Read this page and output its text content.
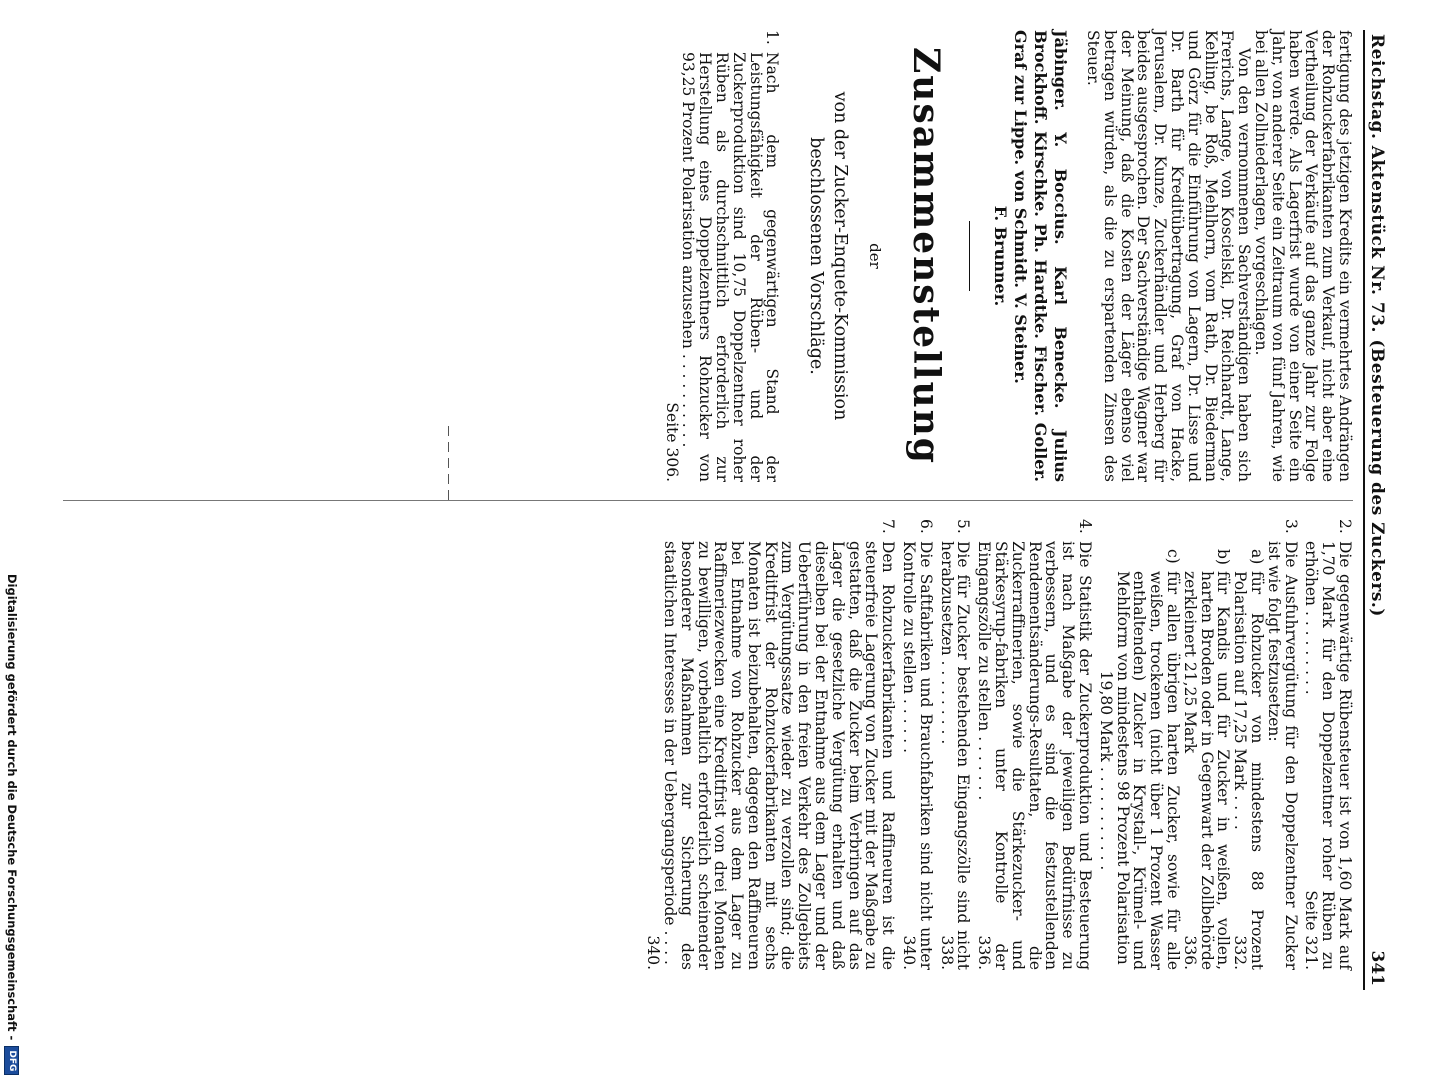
Digitalisierung gefördert durch die Deutsche Forschungsgemeinschaft -
DFG
Reichstag. Aktenstück Nr. 73. (Besteuerung des Zuckers.)
341

fertigung des jetzigen Kredits ein vermehrtes Andrängen der Rohzuckerfabrikanten zum Verkauf, nicht aber eine Vertheilung der Verkäufe auf das ganze Jahr zur Folge haben werde. Als Lagerfrist wurde von einer Seite ein Jahr, von anderer Seite ein Zeitraum von fünf Jahren, wie bei allen Zollniederlagen, vorgeschlagen.

Von den vernommenen Sachverständigen haben sich Frerichs, Lange, von Koscielski, Dr. Reichhardt, Lange, Kehling, be Roß, Mehlhorn, vom Rath, Dr. Biederman und Görz für die Einführung von Lagern, Dr. Lisse und Dr. Barth für Kreditübertragung, Graf von Hacke, Jerusalem, Dr. Kunze, Zuckerhändler und Herberg für beides ausgesprochen. Der Sachverständige Wagner war der Meinung, daß die Kosten der Läger ebenso viel betragen würden, als die zu erspartenden Zinsen des Steuer.

Jäbinger. Y. Boccius. Karl Benecke. Julius Brockhoff. Kirschke. Ph. Hardtke. Fischer. Goller. Graf zur Lippe. von Schmidt. V. Steiner.

F. Brunner.

Zusammenstellung
der
von der Zucker-Enquete-Kommission beschlossenen Vorschläge.
1.
Nach dem gegenwärtigen Stand der Leistungsfähigkeit der Rüben- und der Zuckerproduktion sind 10,75 Doppelzentner roher Rüben als durchschnittlich erforderlich zur Herstellung eines Doppelzentners Rohzucker von 93,25 Prozent Polarisation anzusehen . . . . . . . . . .
Seite 306.
2.
Die gegenwärtige Rübensteuer ist von 1,60 Mark auf 1,70 Mark für den Doppelzentner roher Rüben zu erhöhen . . . . . . . . .
Seite 321.
3.

Die Ausfuhrvergütung für den Doppelzentner Zucker ist wie folgt festzusetzen:

a)
für Rohzucker von mindestens 88 Prozent Polarisation auf 17,25 Mark . . . .
332.
b)
für Kandis und für Zucker in weißen, vollen, harten Broden oder in Gegenwart der Zollbehörde zerkleinert 21,25 Mark
336.
c)

für allen übrigen harten Zucker, sowie für alle weißen, trockenen (nicht über 1 Prozent Wasser enthaltenden) Zucker in Krystall-, Krümel- und Mehlform von mindestens 98 Prozent Polarisation

19,80 Mark . . . . . . . . . . .

4.
Die Statistik der Zuckerproduktion und Besteuerung ist nach Maßgabe der jeweiligen Bedürfnisse zu verbessern, und es sind die festzustellenden Rendementsänderungs-Resultaten, die Zuckerraffinerien, sowie die Stärkezucker- und Stärkesyrup-fabriken unter Kontrolle der Eingangszölle zu stellen . . . . . . .
336.
5.
Die für Zucker bestehenden Eingangszölle sind nicht herabzusetzen . . . . . . . . .
338.
6.
Die Saftfabriken und Brauchfabriken sind nicht unter Kontrolle zu stellen . . . . . .
340.
7.
Den Rohzuckerfabrikanten und Raffineuren ist die steuerfreie Lagerung von Zucker mit der Maßgabe zu gestatten, daß die Zucker beim Verbringen auf das Lager die gesetzliche Vergütung erhalten und daß dieselben bei der Entnahme aus dem Lager und der Ueberführung in den freien Verkehr des Zollgebiets zum Vergütungssatze wieder zu verzollen sind; die Kreditfrist der Rohzuckerfabrikanten mit sechs Monaten ist beizubehalten, dagegen den Raffineuren bei Entnahme von Rohzucker aus dem Lager zu Raffineriezwecken eine Kreditfrist von drei Monaten zu bewilligen, vorbehaltlich erforderlich scheinender besonderer Maßnahmen zur Sicherung des staatlichen Interesses in der Uebergangsperiode . . . .
340.
